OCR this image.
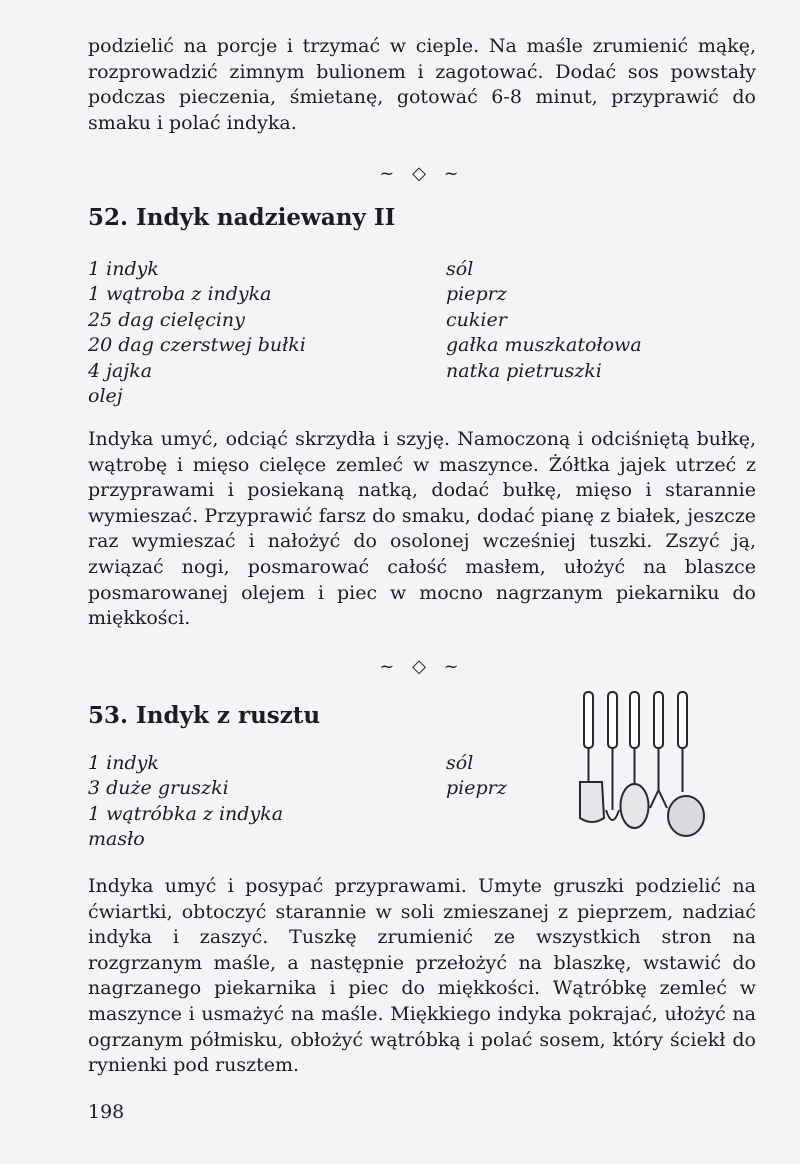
podzielić na porcje i trzymać w cieple. Na maśle zrumienić mąkę, rozprowadzić zimnym bulionem i zagotować. Dodać sos powstały podczas pieczenia, śmietanę, gotować 6-8 minut, przyprawić do smaku i polać indyka.

~ ◇ ~
52. Indyk nadziewany II
1 indyk
1 wątroba z indyka
25 dag cielęciny
20 dag czerstwej bułki
4 jajka
olej
sól
pieprz
cukier
gałka muszkatołowa
natka pietruszki

Indyka umyć, odciąć skrzydła i szyję. Namoczoną i odciśniętą bułkę, wątrobę i mięso cielęce zemleć w maszynce. Żółtka jajek utrzeć z przyprawami i posiekaną natką, dodać bułkę, mięso i starannie wymieszać. Przyprawić farsz do smaku, dodać pianę z białek, jeszcze raz wymieszać i nałożyć do osolonej wcześniej tuszki. Zszyć ją, związać nogi, posmarować całość masłem, ułożyć na blaszce posmarowanej olejem i piec w mocno nagrzanym piekarniku do miękkości.

~ ◇ ~
53. Indyk z rusztu
1 indyk
3 duże gruszki
1 wątróbka z indyka
masło
sól
pieprz

Indyka umyć i posypać przyprawami. Umyte gruszki podzielić na ćwiartki, obtoczyć starannie w soli zmieszanej z pieprzem, nadziać indyka i zaszyć. Tuszkę zrumienić ze wszystkich stron na rozgrzanym maśle, a następnie przełożyć na blaszkę, wstawić do nagrzanego piekarnika i piec do miękkości. Wątróbkę zemleć w maszynce i usmażyć na maśle. Miękkiego indyka pokrajać, ułożyć na ogrzanym półmisku, obłożyć wątróbką i polać sosem, który ściekł do rynienki pod rusztem.

198
